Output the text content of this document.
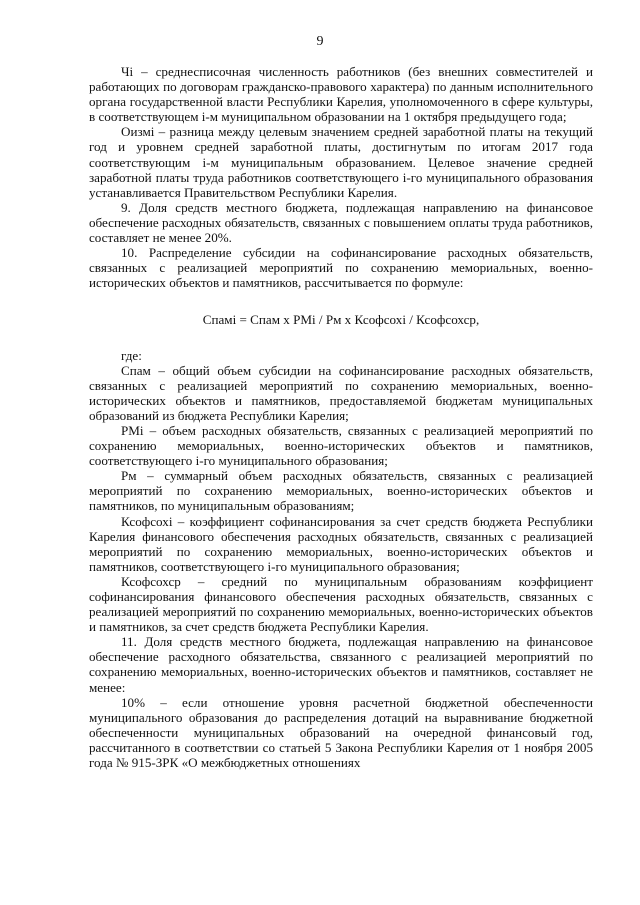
9

Чi – среднесписочная численность работников (без внешних совместителей и работающих по договорам гражданско-правового характера) по данным исполнительного органа государственной власти Республики Карелия, уполномоченного в сфере культуры, в соответствующем i-м муниципальном образовании на 1 октября предыдущего года;

Оизмi – разница между целевым значением средней заработной платы на текущий год и уровнем средней заработной платы, достигнутым по итогам 2017 года соответствующим i-м муниципальным образованием. Целевое значение средней заработной платы труда работников соответствующего i-го муниципального образования устанавливается Правительством Республики Карелия.

9. Доля средств местного бюджета, подлежащая направлению на финансовое обеспечение расходных обязательств, связанных с повышением оплаты труда работников, составляет не менее 20%.

10. Распределение субсидии на софинансирование расходных обязательств, связанных с реализацией мероприятий по сохранению мемориальных, военно-исторических объектов и памятников, рассчитывается по формуле:

Спамi = Спам х РМi / Рм х Ксофсохi / Ксофсохср,

где:

Спам – общий объем субсидии на софинансирование расходных обязательств, связанных с реализацией мероприятий по сохранению мемориальных, военно-исторических объектов и памятников, предоставляемой бюджетам муниципальных образований из бюджета Республики Карелия;

РМi – объем расходных обязательств, связанных с реализацией мероприятий по сохранению мемориальных, военно-исторических объектов и памятников, соответствующего i-го муниципального образования;

Рм – суммарный объем расходных обязательств, связанных с реализацией мероприятий по сохранению мемориальных, военно-исторических объектов и памятников, по муниципальным образованиям;

Ксофсохi – коэффициент софинансирования за счет средств бюджета Республики Карелия финансового обеспечения расходных обязательств, связанных с реализацией мероприятий по сохранению мемориальных, военно-исторических объектов и памятников, соответствующего i-го муниципального образования;

Ксофсохср – средний по муниципальным образованиям коэффициент софинансирования финансового обеспечения расходных обязательств, связанных с реализацией мероприятий по сохранению мемориальных, военно-исторических объектов и памятников, за счет средств бюджета Республики Карелия.

11. Доля средств местного бюджета, подлежащая направлению на финансовое обеспечение расходного обязательства, связанного с реализацией мероприятий по сохранению мемориальных, военно-исторических объектов и памятников, составляет не менее:

10% – если отношение уровня расчетной бюджетной обеспеченности муниципального образования до распределения дотаций на выравнивание бюджетной обеспеченности муниципальных образований на очередной финансовый год, рассчитанного в соответствии со статьей 5 Закона Республики Карелия от 1 ноября 2005 года № 915-ЗРК «О межбюджетных отношениях
